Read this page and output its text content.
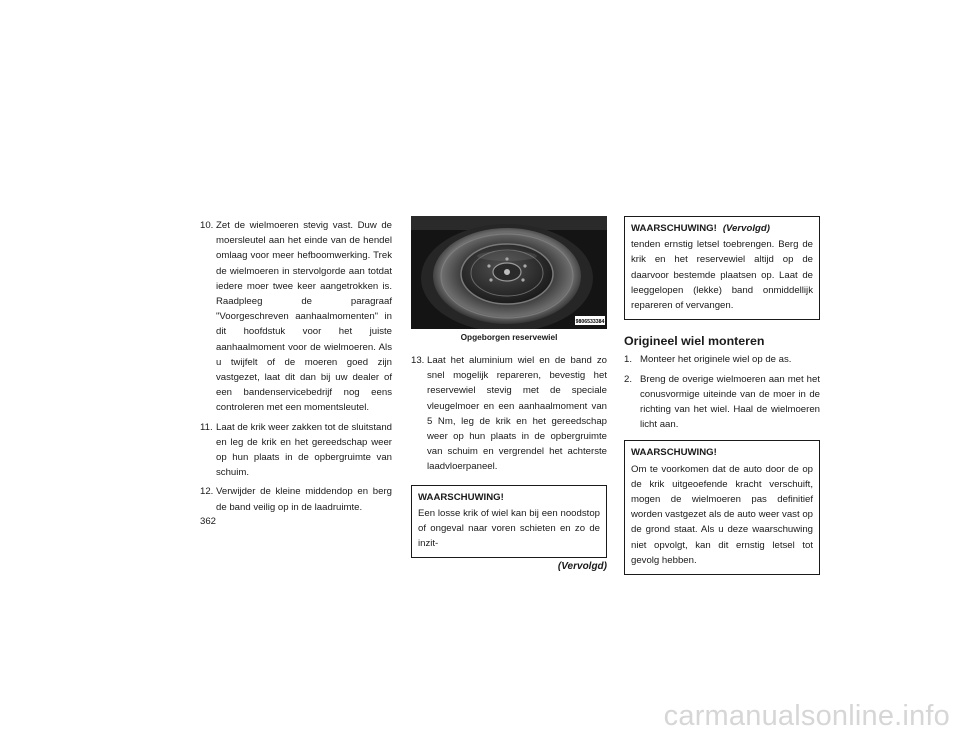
10. Zet de wielmoeren stevig vast. Duw de moersleutel aan het einde van de hendel omlaag voor meer hefboomwerking. Trek de wielmoeren in stervolgorde aan totdat iedere moer twee keer aangetrokken is. Raadpleeg de paragraaf "Voorgeschreven aanhaalmomenten" in dit hoofdstuk voor het juiste aanhaalmoment voor de wielmoeren. Als u twijfelt of de moeren goed zijn vastgezet, laat dit dan bij uw dealer of een bandenservicebedrijf nog eens controleren met een momentsleutel.
11. Laat de krik weer zakken tot de sluitstand en leg de krik en het gereedschap weer op hun plaats in de opbergruimte van schuim.
12. Verwijder de kleine middendop en berg de band veilig op in de laadruimte.
9806533384
Opgeborgen reservewiel
13. Laat het aluminium wiel en de band zo snel mogelijk repareren, bevestig het reservewiel stevig met de speciale vleugelmoer en een aanhaalmoment van 5 Nm, leg de krik en het gereedschap weer op hun plaats in de opbergruimte van schuim en vergrendel het achterste laadvloerpaneel.
WAARSCHUWING!
Een losse krik of wiel kan bij een noodstop of ongeval naar voren schieten en zo de inzit-
(Vervolgd)
WAARSCHUWING! (Vervolgd)
tenden ernstig letsel toebrengen. Berg de krik en het reservewiel altijd op de daarvoor bestemde plaatsen op. Laat de leeggelopen (lekke) band onmiddellijk repareren of vervangen.
Origineel wiel monteren
1. Monteer het originele wiel op de as.
2. Breng de overige wielmoeren aan met het conusvormige uiteinde van de moer in de richting van het wiel. Haal de wielmoeren licht aan.
WAARSCHUWING!
Om te voorkomen dat de auto door de op de krik uitgeoefende kracht verschuift, mogen de wielmoeren pas definitief worden vastgezet als de auto weer vast op de grond staat. Als u deze waarschuwing niet opvolgt, kan dit ernstig letsel tot gevolg hebben.
362
carmanualsonline.info
